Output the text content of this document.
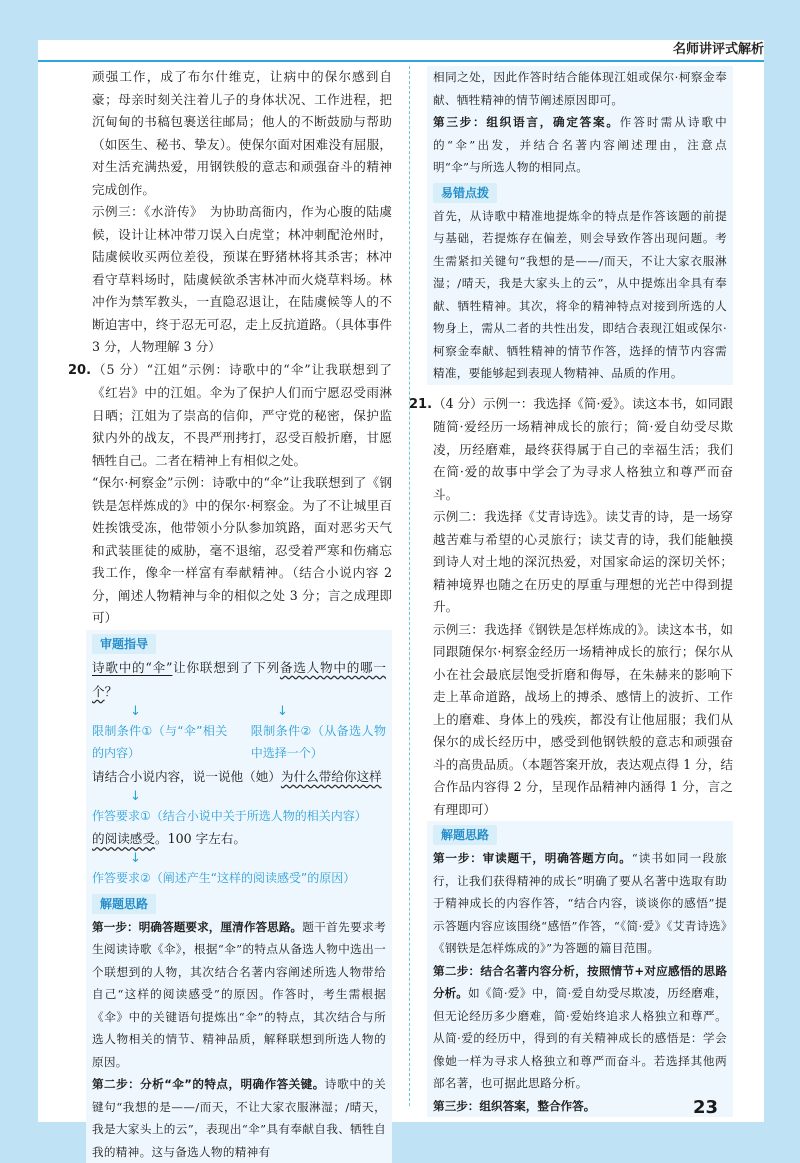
名师讲评式解析

顽强工作，成了布尔什维克，让病中的保尔感到自豪；母亲时刻关注着儿子的身体状况、工作进程，把沉甸甸的书稿包裹送往邮局；他人的不断鼓励与帮助（如医生、秘书、挚友）。使保尔面对困难没有屈服，对生活充满热爱，用钢铁般的意志和顽强奋斗的精神完成创作。

示例三：《水浒传》　为协助高衙内，作为心腹的陆虞候，设计让林冲带刀误入白虎堂；林冲刺配沧州时，陆虞候收买两位差役，预谋在野猪林将其杀害；林冲看守草料场时，陆虞候欲杀害林冲而火烧草料场。林冲作为禁军教头，一直隐忍退让，在陆虞候等人的不断迫害中，终于忍无可忍，走上反抗道路。（具体事件 3 分，人物理解 3 分）

20.（5 分）“江姐”示例：诗歌中的“伞”让我联想到了《红岩》中的江姐。伞为了保护人们而宁愿忍受雨淋日晒；江姐为了崇高的信仰，严守党的秘密，保护监狱内外的战友，不畏严刑拷打，忍受百般折磨，甘愿牺牲自己。二者在精神上有相似之处。

“保尔·柯察金”示例：诗歌中的“伞”让我联想到了《钢铁是怎样炼成的》中的保尔·柯察金。为了不让城里百姓挨饿受冻，他带领小分队参加筑路，面对恶劣天气和武装匪徒的威胁，毫不退缩，忍受着严寒和伤痛忘我工作，像伞一样富有奉献精神。（结合小说内容 2 分，阐述人物精神与伞的相似之处 3 分；言之成理即可）

审题指导
诗歌中的“伞”让你联想到了下列备选人物中的哪一个？
↓	↓
限制条件①（与“伞”相关的内容）
限制条件②（从备选人物中选择一个）
请结合小说内容，说一说他（她）为什么带给你这样
↓
作答要求①（结合小说中关于所选人物的相关内容）
的阅读感受。100 字左右。
↓
作答要求②（阐述产生“这样的阅读感受”的原因）
解题思路

第一步：明确答题要求，厘清作答思路。题干首先要求考生阅读诗歌《伞》，根据“伞”的特点从备选人物中选出一个联想到的人物，其次结合名著内容阐述所选人物带给自己“这样的阅读感受”的原因。作答时，考生需根据《伞》中的关键语句提炼出“伞”的特点，其次结合与所选人物相关的情节、精神品质，解释联想到所选人物的原因。

第二步：分析“伞”的特点，明确作答关键。诗歌中的关键句“我想的是——/而天，不让大家衣服淋湿；/晴天，我是大家头上的云”，表现出“伞”具有奉献自我、牺牲自我的精神。这与备选人物的精神有

相同之处，因此作答时结合能体现江姐或保尔·柯察金奉献、牺牲精神的情节阐述原因即可。

第三步：组织语言，确定答案。作答时需从诗歌中的“伞”出发，并结合名著内容阐述理由，注意点明“伞”与所选人物的相同点。

易错点拨

首先，从诗歌中精准地提炼伞的特点是作答该题的前提与基础，若提炼存在偏差，则会导致作答出现问题。考生需紧扣关键句“我想的是——/而天，不让大家衣服淋湿；/晴天，我是大家头上的云”，从中提炼出伞具有奉献、牺牲精神。其次，将伞的精神特点对接到所选的人物身上，需从二者的共性出发，即结合表现江姐或保尔·柯察金奉献、牺牲精神的情节作答，选择的情节内容需精准，要能够起到表现人物精神、品质的作用。

21.（4 分）示例一：我选择《简·爱》。读这本书，如同跟随简·爱经历一场精神成长的旅行；简·爱自幼受尽欺凌，历经磨难，最终获得属于自己的幸福生活；我们在简·爱的故事中学会了为寻求人格独立和尊严而奋斗。

示例二：我选择《艾青诗选》。读艾青的诗，是一场穿越苦难与希望的心灵旅行；读艾青的诗，我们能触摸到诗人对土地的深沉热爱，对国家命运的深切关怀；精神境界也随之在历史的厚重与理想的光芒中得到提升。

示例三：我选择《钢铁是怎样炼成的》。读这本书，如同跟随保尔·柯察金经历一场精神成长的旅行；保尔从小在社会最底层饱受折磨和侮辱，在朱赫来的影响下走上革命道路，战场上的搏杀、感情上的波折、工作上的磨难、身体上的残疾，都没有让他屈服；我们从保尔的成长经历中，感受到他钢铁般的意志和顽强奋斗的高贵品质。（本题答案开放，表达观点得 1 分，结合作品内容得 2 分，呈现作品精神内涵得 1 分，言之有理即可）

解题思路

第一步：审读题干，明确答题方向。“读书如同一段旅行，让我们获得精神的成长”明确了要从名著中选取有助于精神成长的内容作答，“结合内容，谈谈你的感悟”提示答题内容应该围绕“感悟”作答，“《简·爱》《艾青诗选》《钢铁是怎样炼成的》”为答题的篇目范围。

第二步：结合名著内容分析，按照情节+对应感悟的思路分析。如《简·爱》中，简·爱自幼受尽欺凌，历经磨难，但无论经历多少磨难，简·爱始终追求人格独立和尊严。从简·爱的经历中，得到的有关精神成长的感悟是：学会像她一样为寻求人格独立和尊严而奋斗。若选择其他两部名著，也可据此思路分析。

第三步：组织答案，整合作答。	23
